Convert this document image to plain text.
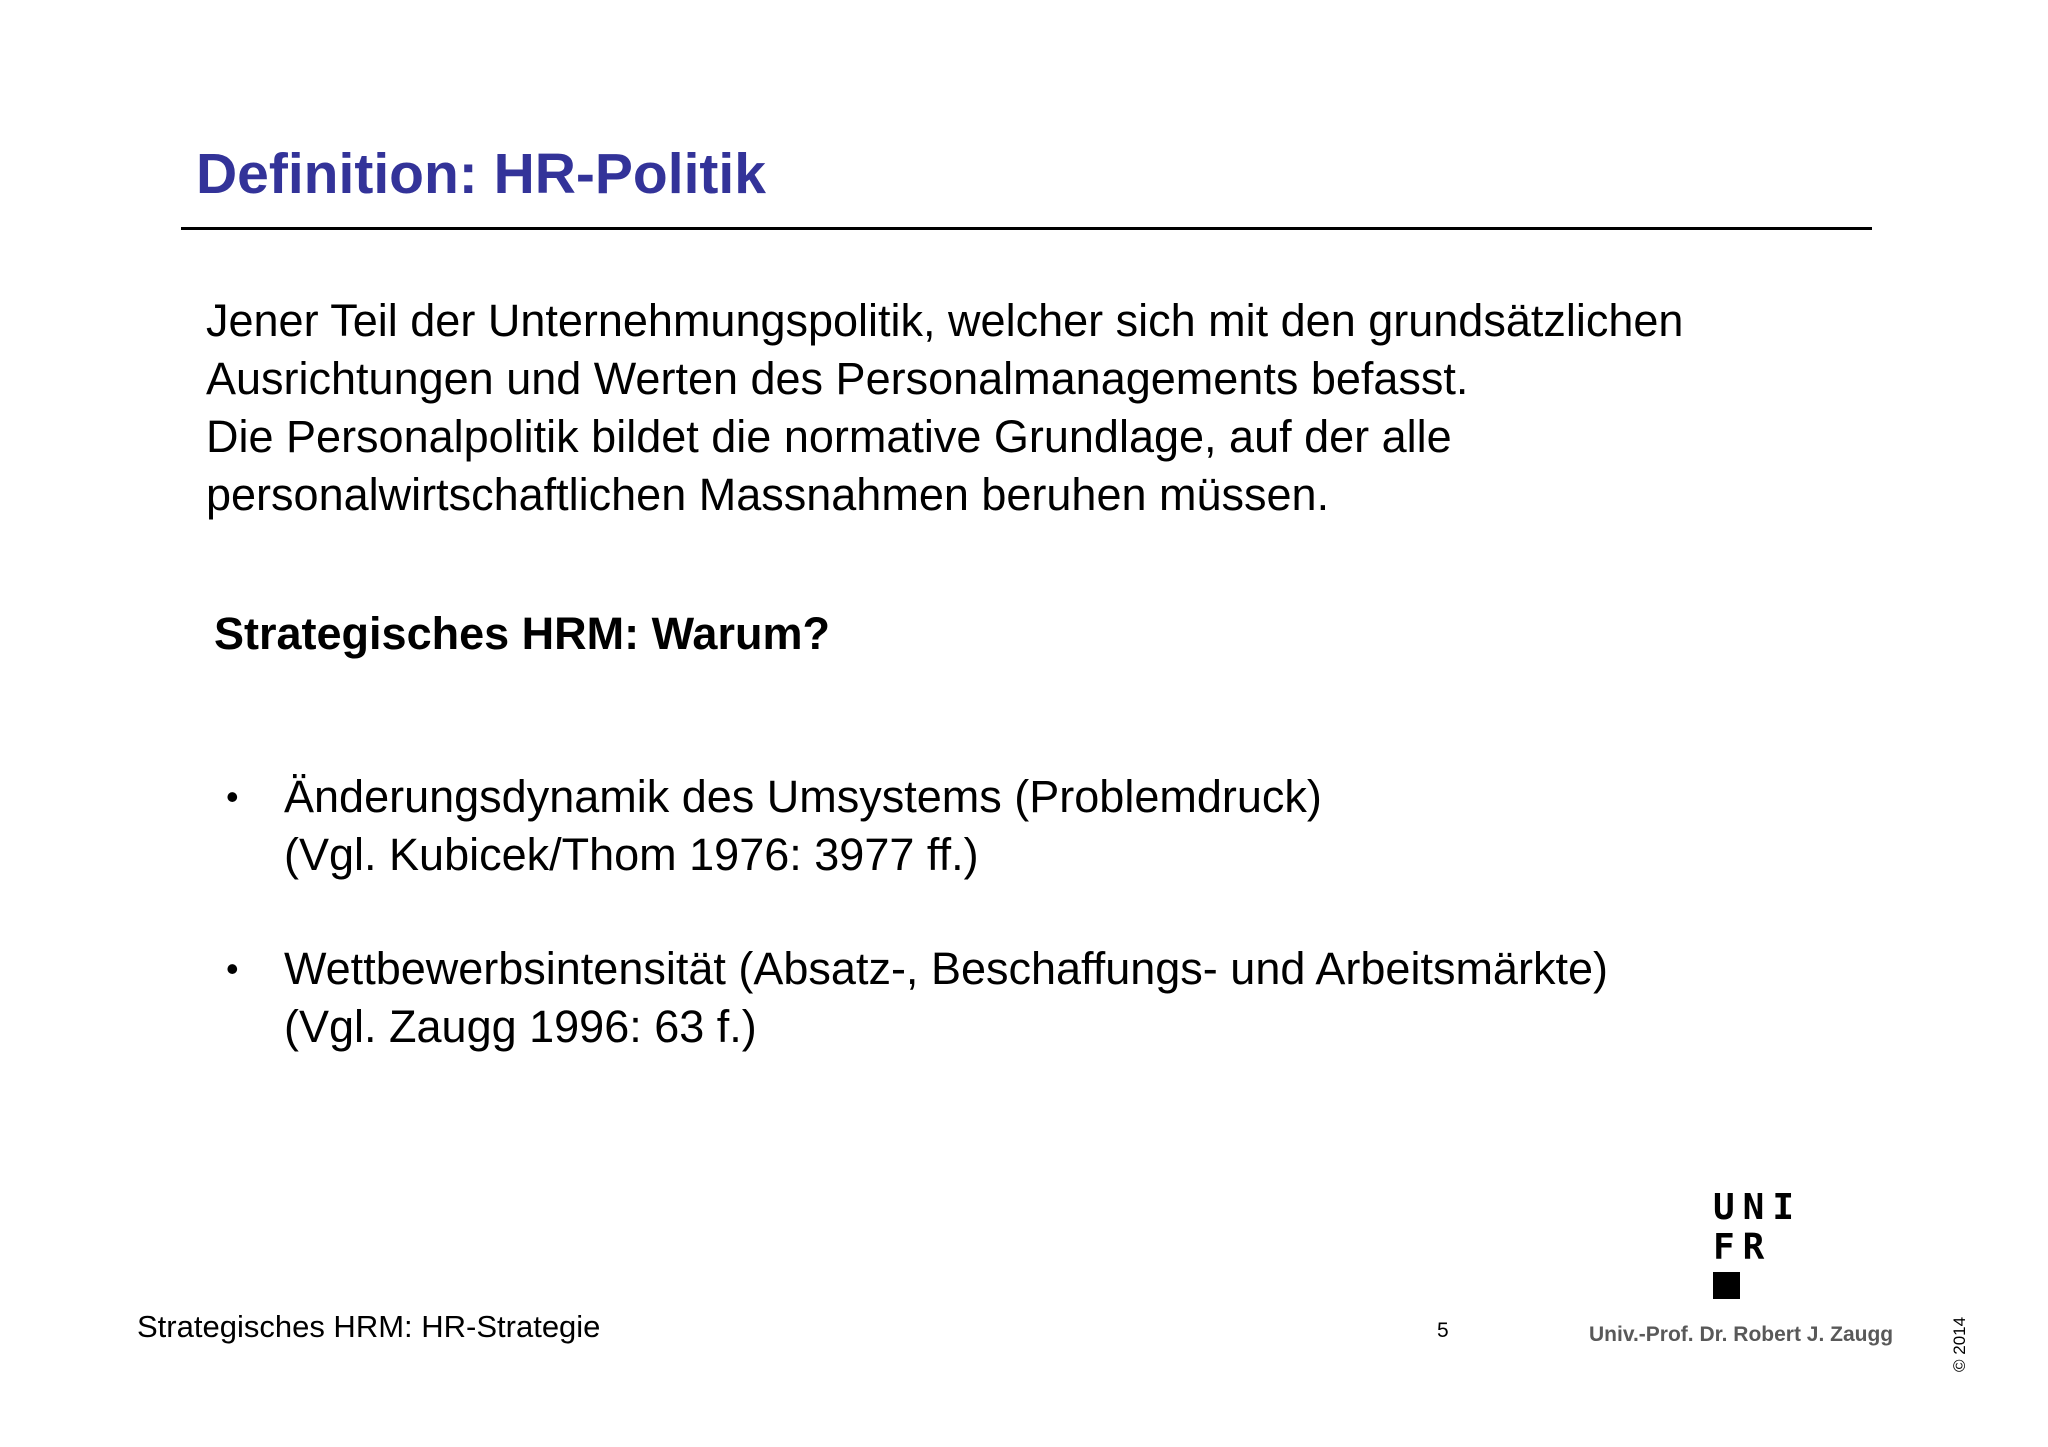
Definition: HR-Politik

Jener Teil der Unternehmungspolitik, welcher sich mit den grundsätzlichen

Ausrichtungen und Werten des Personalmanagements befasst.

Die Personalpolitik bildet die normative Grundlage, auf der alle

personalwirtschaftlichen Massnahmen beruhen müssen.

Strategisches HRM: Warum?
• Änderungsdynamik des Umsystems (Problemdruck)
(Vgl. Kubicek/Thom 1976: 3977 ff.)
• Wettbewerbsintensität (Absatz-, Beschaffungs- und Arbeitsmärkte)
(Vgl. Zaugg 1996: 63 f.)
UNI
FR
Strategisches HRM: HR-Strategie	5	Univ.-Prof. Dr. Robert J. Zaugg	© 2014
